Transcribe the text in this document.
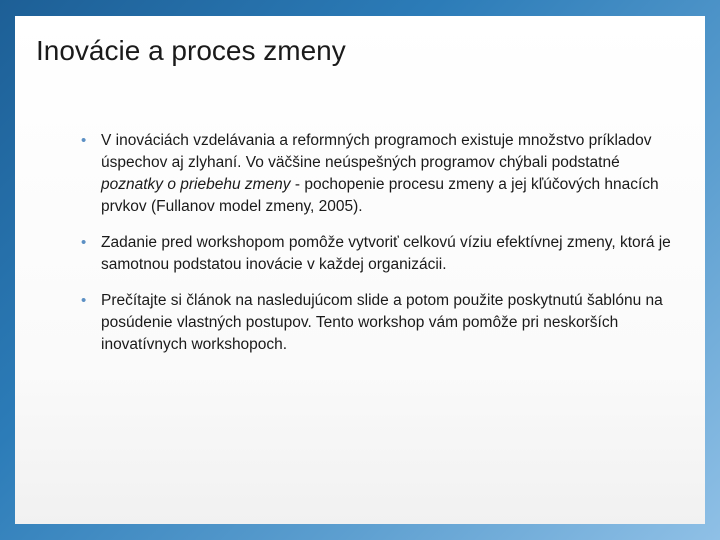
Inovácie a proces zmeny
• V inováciách vzdelávania a reformných programoch existuje množstvo príkladov úspechov aj zlyhaní. Vo väčšine neúspešných programov chýbali podstatné poznatky o priebehu zmeny - pochopenie procesu zmeny a jej kľúčových hnacích prvkov (Fullanov model zmeny, 2005).
• Zadanie pred workshopom pomôže vytvoriť celkovú víziu efektívnej zmeny, ktorá je samotnou podstatou inovácie v každej organizácii.
• Prečítajte si článok na nasledujúcom slide a potom použite poskytnutú šablónu na posúdenie vlastných postupov. Tento workshop vám pomôže pri neskorších inovatívnych workshopoch.
